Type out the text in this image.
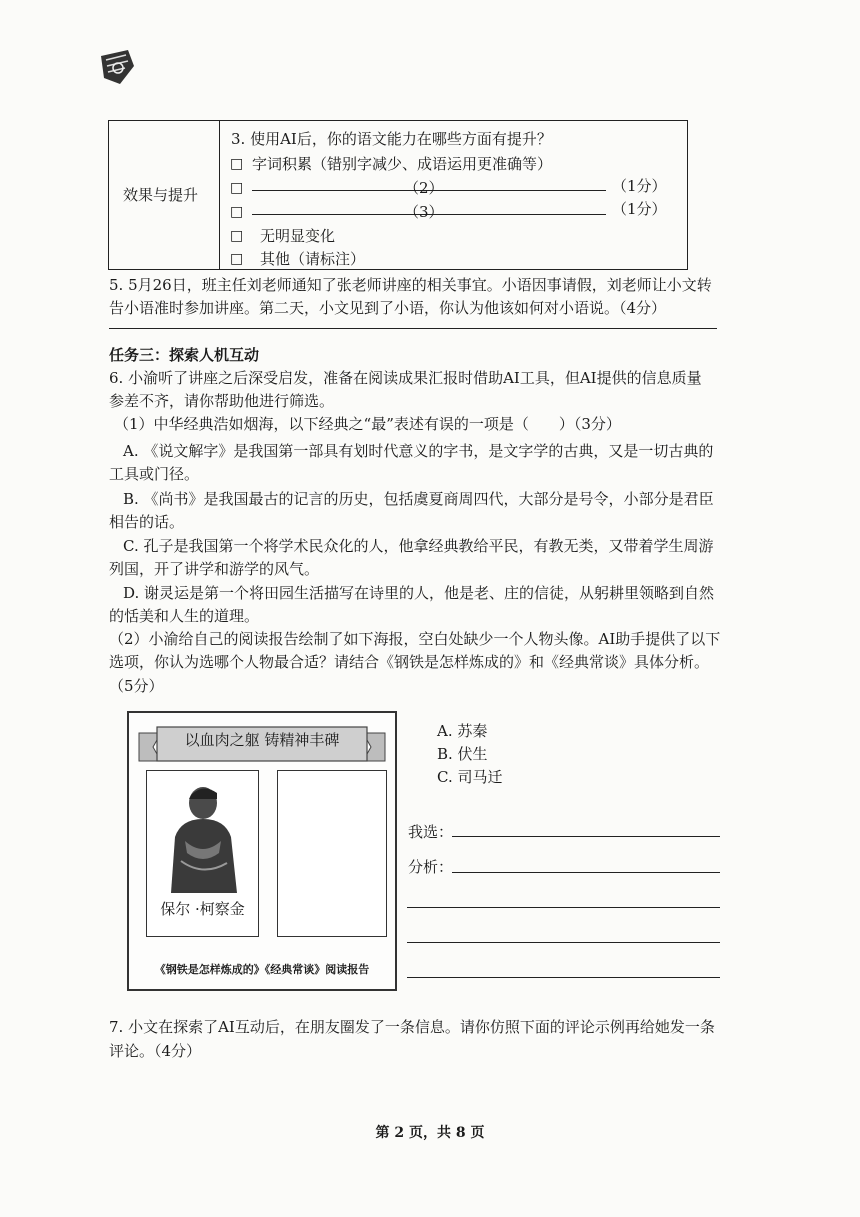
效果与提升
3. 使用AI后，你的语文能力在哪些方面有提升？
□ 字词积累（错别字减少、成语运用更准确等）
□	（2）	（1分）
□	（3）	（1分）
□ 无明显变化
□ 其他（请标注）
5. 5月26日，班主任刘老师通知了张老师讲座的相关事宜。小语因事请假，刘老师让小文转
告小语准时参加讲座。第二天，小文见到了小语，你认为他该如何对小语说。（4分）
任务三：探索人机互动
6. 小渝听了讲座之后深受启发，准备在阅读成果汇报时借助AI工具，但AI提供的信息质量
参差不齐，请你帮助他进行筛选。
（1）中华经典浩如烟海，以下经典之“最”表述有误的一项是（　　）（3分）
A. 《说文解字》是我国第一部具有划时代意义的字书，是文字学的古典，又是一切古典的
工具或门径。
B. 《尚书》是我国最古的记言的历史，包括虞夏商周四代，大部分是号令，小部分是君臣
相告的话。
C. 孔子是我国第一个将学术民众化的人，他拿经典教给平民，有教无类，又带着学生周游
列国，开了讲学和游学的风气。
D. 谢灵运是第一个将田园生活描写在诗里的人，他是老、庄的信徒，从躬耕里领略到自然
的恬美和人生的道理。
（2）小渝给自己的阅读报告绘制了如下海报，空白处缺少一个人物头像。AI助手提供了以下
选项，你认为选哪个人物最合适？请结合《钢铁是怎样炼成的》和《经典常谈》具体分析。
（5分）
以血肉之躯 铸精神丰碑
保尔 ·柯察金
《钢铁是怎样炼成的》《经典常谈》阅读报告
A. 苏秦
B. 伏生
C. 司马迁
我选：
分析：
7. 小文在探索了AI互动后，在朋友圈发了一条信息。请你仿照下面的评论示例再给她发一条
评论。（4分）
第 2 页，共 8 页
